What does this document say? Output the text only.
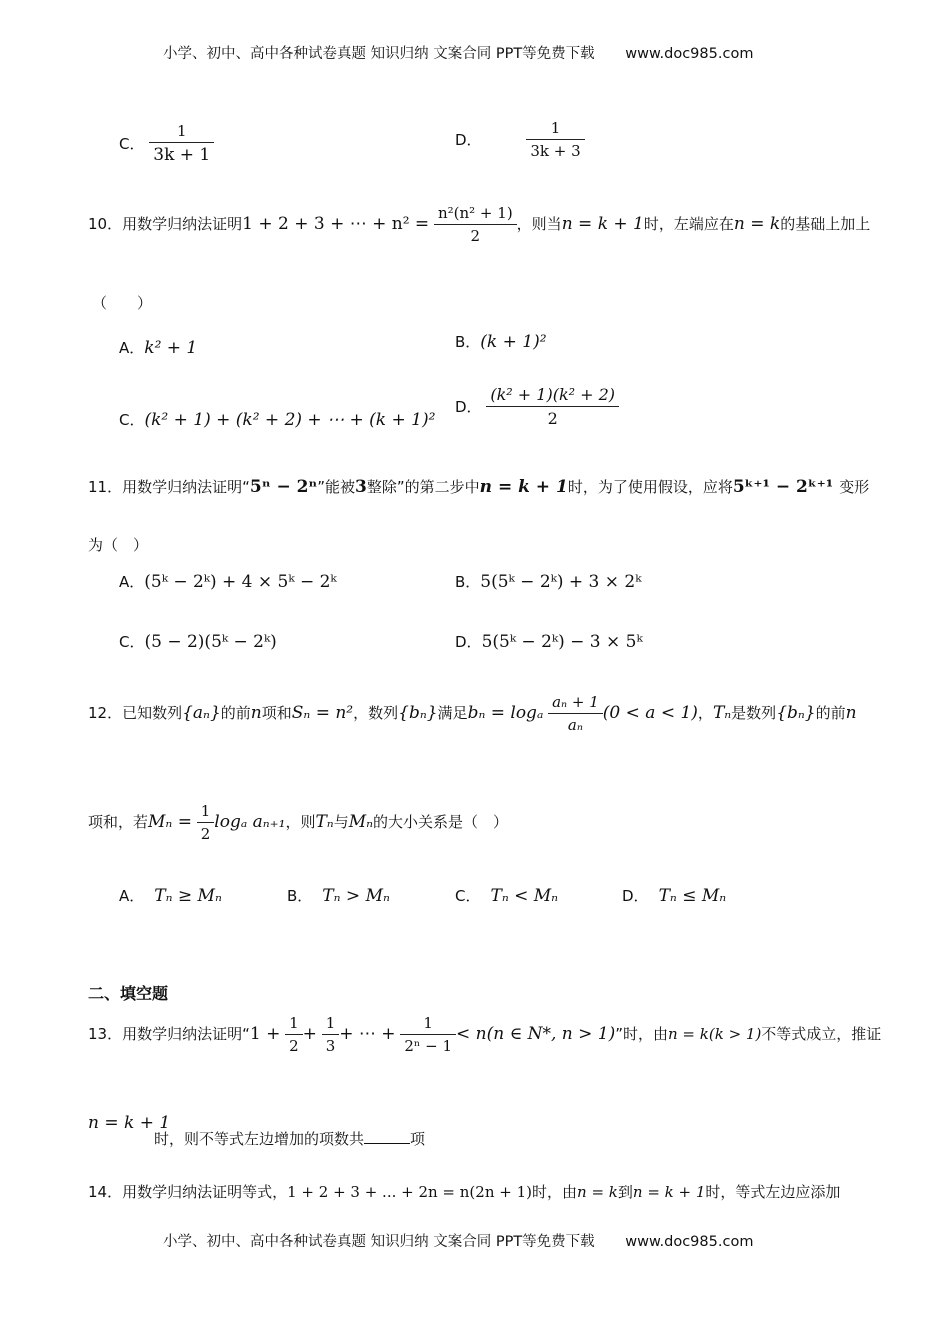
小学、初中、高中各种试卷真题 知识归纳 文案合同 PPT等免费下载 www.doc985.com
C． $\frac{1}{3k + 1}$	D．	$\frac{1}{3k + 3}$
10．用数学归纳法证明1 + 2 + 3 + ⋯ + $n^2 = \frac{\text{n²(n² + 1)}}{2}$ ，则当n = k + 1时，左端应在n = k的基础上加上
（　　）
A．k² + 1	B．(k + 1)²
C．(k² + 1) + (k² + 2) + ⋯ + (k + 1)²
D． $\frac{\text{(k² + 1)(k² + 2)}}{2}$
11．用数学归纳法证明“5ⁿ − 2ⁿ”能被3整除”的第二步中n = k + 1时，为了使用假设，应将5ᵏ⁺¹ − 2ᵏ⁺¹ 变形
为（　）
A．(5ᵏ − 2ᵏ) + 4 × 5ᵏ − 2ᵏ	B．5(5ᵏ − 2ᵏ) + 3 × 2ᵏ
C．(5 − 2)(5ᵏ − 2ᵏ)	D．5(5ᵏ − 2ᵏ) − 3 × 5ᵏ
12．已知数列{aₙ}的前n项和Sₙ = n²，数列{bₙ}满足bₙ = logₐ $\frac{\text{aₙ + 1}}{\text{aₙ}} (0 < a < 1)$，Tₙ是数列{bₙ}的前n
项和，若$M_n = \frac{1}{2}$ logₐ aₙ₊₁，则Tₙ与Mₙ的大小关系是（　）
A． Tₙ ≥ Mₙ	B． Tₙ > Mₙ	C． Tₙ < Mₙ	D． Tₙ ≤ Mₙ
二、填空题
13．用数学归纳法证明“$1 + \frac{1}{2} + \frac{1}{3}$ + ⋯ + $\frac{1}{\text{2ⁿ − 1}} < n(n$ ∈ N*, n > 1)”时，由n = k(k > 1)不等式成立，推证
n = k + 1
时，则不等式左边增加的项数共	项
14．用数学归纳法证明等式，1 + 2 + 3 + ... + 2n = n(2n + 1)时，由n = k到n = k + 1时，等式左边应添加
小学、初中、高中各种试卷真题 知识归纳 文案合同 PPT等免费下载 www.doc985.com
